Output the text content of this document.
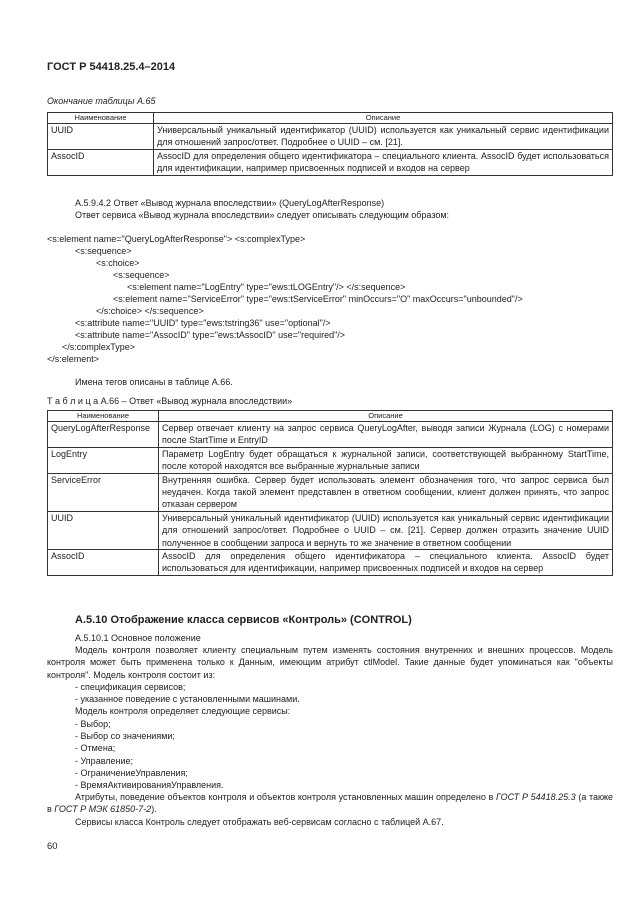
ГОСТ Р 54418.25.4–2014
Окончание таблицы А.65
Наименование	Описание
UUID	Универсальный уникальный идентификатор (UUID) используется как уникальный сервис идентификации для отношений запрос/ответ. Подробнее о UUID – см. [21].
AssocID	AssocID для определения общего идентификатора – специального клиента. AssocID будет использоваться для идентификации, например присвоенных подписей и входов на сервер
А.5.9.4.2 Ответ «Вывод журнала впоследствии» (QueryLogAfterResponse)
Ответ сервиса «Вывод журнала впоследствии» следует описывать следующим образом:
<s:element name="QueryLogAfterResponse"> <s:complexType>
<s:sequence>
<s:choice>
<s:sequence>
<s:element name="LogEntry" type="ews:tLOGEntry"/> </s:sequence>
<s:element name="ServiceError" type="ews:tServiceError" minOccurs="O" maxOccurs="unbounded"/>
</s:choice> </s:sequence>
<s:attribute name="UUID" type="ews:tstring36" use="optional"/>
<s:attribute name="AssocID" type="ews:tAssocID" use="required"/>
</s:complexType>
</s:element>
Имена тегов описаны в таблице А.66.
Т а б л и ц а А.66 – Ответ «Вывод журнала впоследствии»
Наименование	Описание
QueryLogAfterResponse	Сервер отвечает клиенту на запрос сервиса QueryLogAfter, выводя записи Журнала (LOG) с номерами после StartTime и EntryID
LogEntry	Параметр LogEntry будет обращаться к журнальной записи, соответствующей выбранному StartTime, после которой находятся все выбранные журнальные записи
ServiceError	Внутренняя ошибка. Сервер будет использовать элемент обозначения того, что запрос сервиса был неудачен. Когда такой элемент представлен в ответном сообщении, клиент должен принять, что запрос отказан сервером
UUID	Универсальный уникальный идентификатор (UUID) используется как уникальный сервис идентификации для отношений запрос/ответ. Подробнее о UUID – см. [21]. Сервер должен отразить значение UUID полученное в сообщении запроса и вернуть то же значение в ответном сообщении
AssocID	AssocID для определения общего идентификатора – специального клиента. AssocID будет использоваться для идентификации, например присвоенных подписей и входов на сервер
А.5.10 Отображение класса сервисов «Контроль» (CONTROL)
А.5.10.1 Основное положение
Модель контроля позволяет клиенту специальным путем изменять состояния внутренних и внешних процессов. Модель контроля может быть применена только к Данным, имеющим атрибут ctlModel. Такие данные будет упоминаться как "объекты контроля". Модель контроля состоит из:
- спецификация сервисов;
- указанное поведение с установленными машинами.
Модель контроля определяет следующие сервисы:
- Выбор;
- Выбор со значениями;
- Отмена;
- Управление;
- ОграничениеУправления;
- ВремяАктивированияУправления.
Атрибуты, поведение объектов контроля и объектов контроля установленных машин определено в ГОСТ Р 54418.25.3 (а также в ГОСТ Р МЭК 61850-7-2).
Сервисы класса Контроль следует отображать веб-сервисам согласно с таблицей А.67.
60
